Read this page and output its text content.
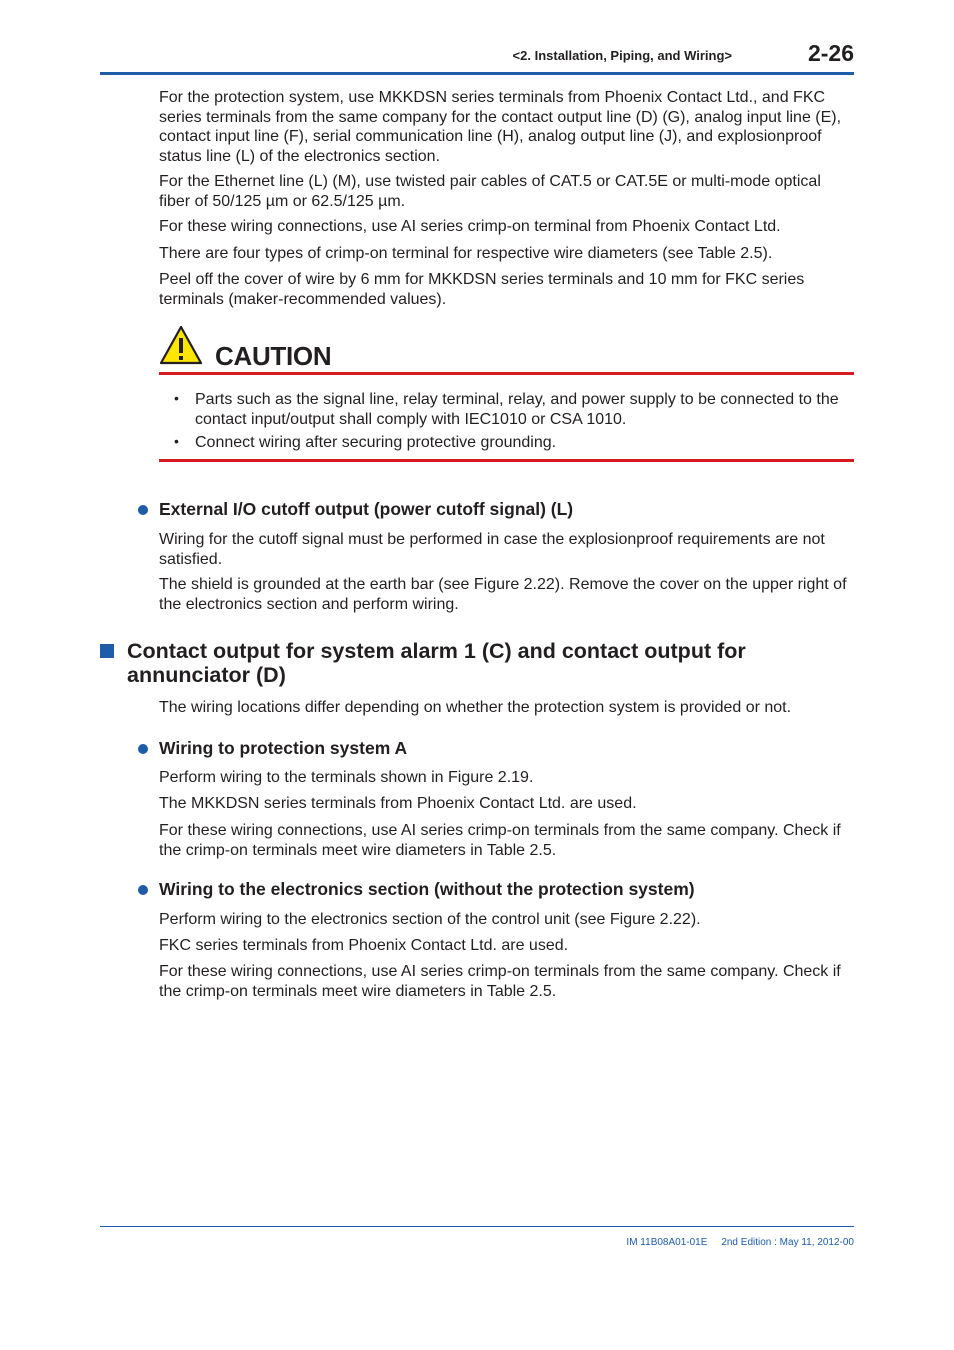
<2. Installation, Piping, and Wiring>	2-26

For the protection system, use MKKDSN series terminals from Phoenix Contact Ltd., and FKC series terminals from the same company for the contact output line (D) (G), analog input line (E), contact input line (F), serial communication line (H), analog output line (J), and explosionproof status line (L) of the electronics section.

For the Ethernet line (L) (M), use twisted pair cables of CAT.5 or CAT.5E or multi-mode optical fiber of 50/125 µm or 62.5/125 µm.

For these wiring connections, use AI series crimp-on terminal from Phoenix Contact Ltd.

There are four types of crimp-on terminal for respective wire diameters (see Table 2.5).

Peel off the cover of wire by 6 mm for MKKDSN series terminals and 10 mm for FKC series terminals (maker-recommended values).

CAUTION
• Parts such as the signal line, relay terminal, relay, and power supply to be connected to the contact input/output shall comply with IEC1010 or CSA 1010.
• Connect wiring after securing protective grounding.
External I/O cutoff output (power cutoff signal) (L)
Wiring for the cutoff signal must be performed in case the explosionproof requirements are not satisfied.
The shield is grounded at the earth bar (see Figure 2.22). Remove the cover on the upper right of the electronics section and perform wiring.
Contact output for system alarm 1 (C) and contact output for annunciator (D)
The wiring locations differ depending on whether the protection system is provided or not.
Wiring to protection system A
Perform wiring to the terminals shown in Figure 2.19.
The MKKDSN series terminals from Phoenix Contact Ltd. are used.
For these wiring connections, use AI series crimp-on terminals from the same company. Check if the crimp-on terminals meet wire diameters in Table 2.5.
Wiring to the electronics section (without the protection system)
Perform wiring to the electronics section of the control unit (see Figure 2.22).
FKC series terminals from Phoenix Contact Ltd. are used.
For these wiring connections, use AI series crimp-on terminals from the same company. Check if the crimp-on terminals meet wire diameters in Table 2.5.
IM 11B08A01-01E 2nd Edition : May 11, 2012-00
